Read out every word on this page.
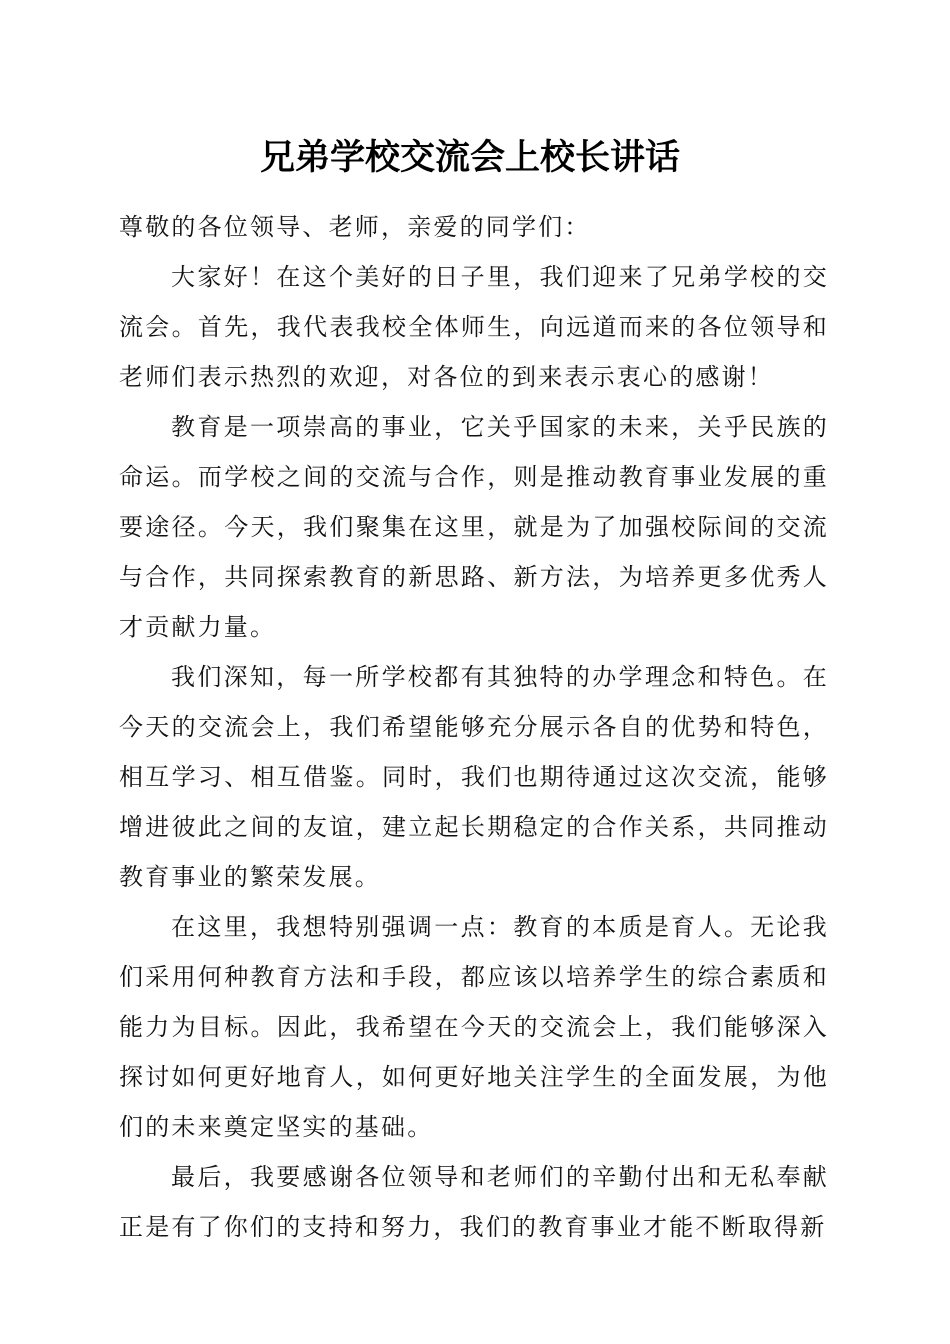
兄弟学校交流会上校长讲话

尊敬的各位领导、老师，亲爱的同学们：

大家好！在这个美好的日子里，我们迎来了兄弟学校的交流会。首先，我代表我校全体师生，向远道而来的各位领导和老师们表示热烈的欢迎，对各位的到来表示衷心的感谢！

教育是一项崇高的事业，它关乎国家的未来，关乎民族的命运。而学校之间的交流与合作，则是推动教育事业发展的重要途径。今天，我们聚集在这里，就是为了加强校际间的交流与合作，共同探索教育的新思路、新方法，为培养更多优秀人才贡献力量。

我们深知，每一所学校都有其独特的办学理念和特色。在今天的交流会上，我们希望能够充分展示各自的优势和特色，相互学习、相互借鉴。同时，我们也期待通过这次交流，能够增进彼此之间的友谊，建立起长期稳定的合作关系，共同推动教育事业的繁荣发展。

在这里，我想特别强调一点：教育的本质是育人。无论我们采用何种教育方法和手段，都应该以培养学生的综合素质和能力为目标。因此，我希望在今天的交流会上，我们能够深入探讨如何更好地育人，如何更好地关注学生的全面发展，为他们的未来奠定坚实的基础。

最后，我要感谢各位领导和老师们的辛勤付出和无私奉献正是有了你们的支持和努力，我们的教育事业才能不断取得新
